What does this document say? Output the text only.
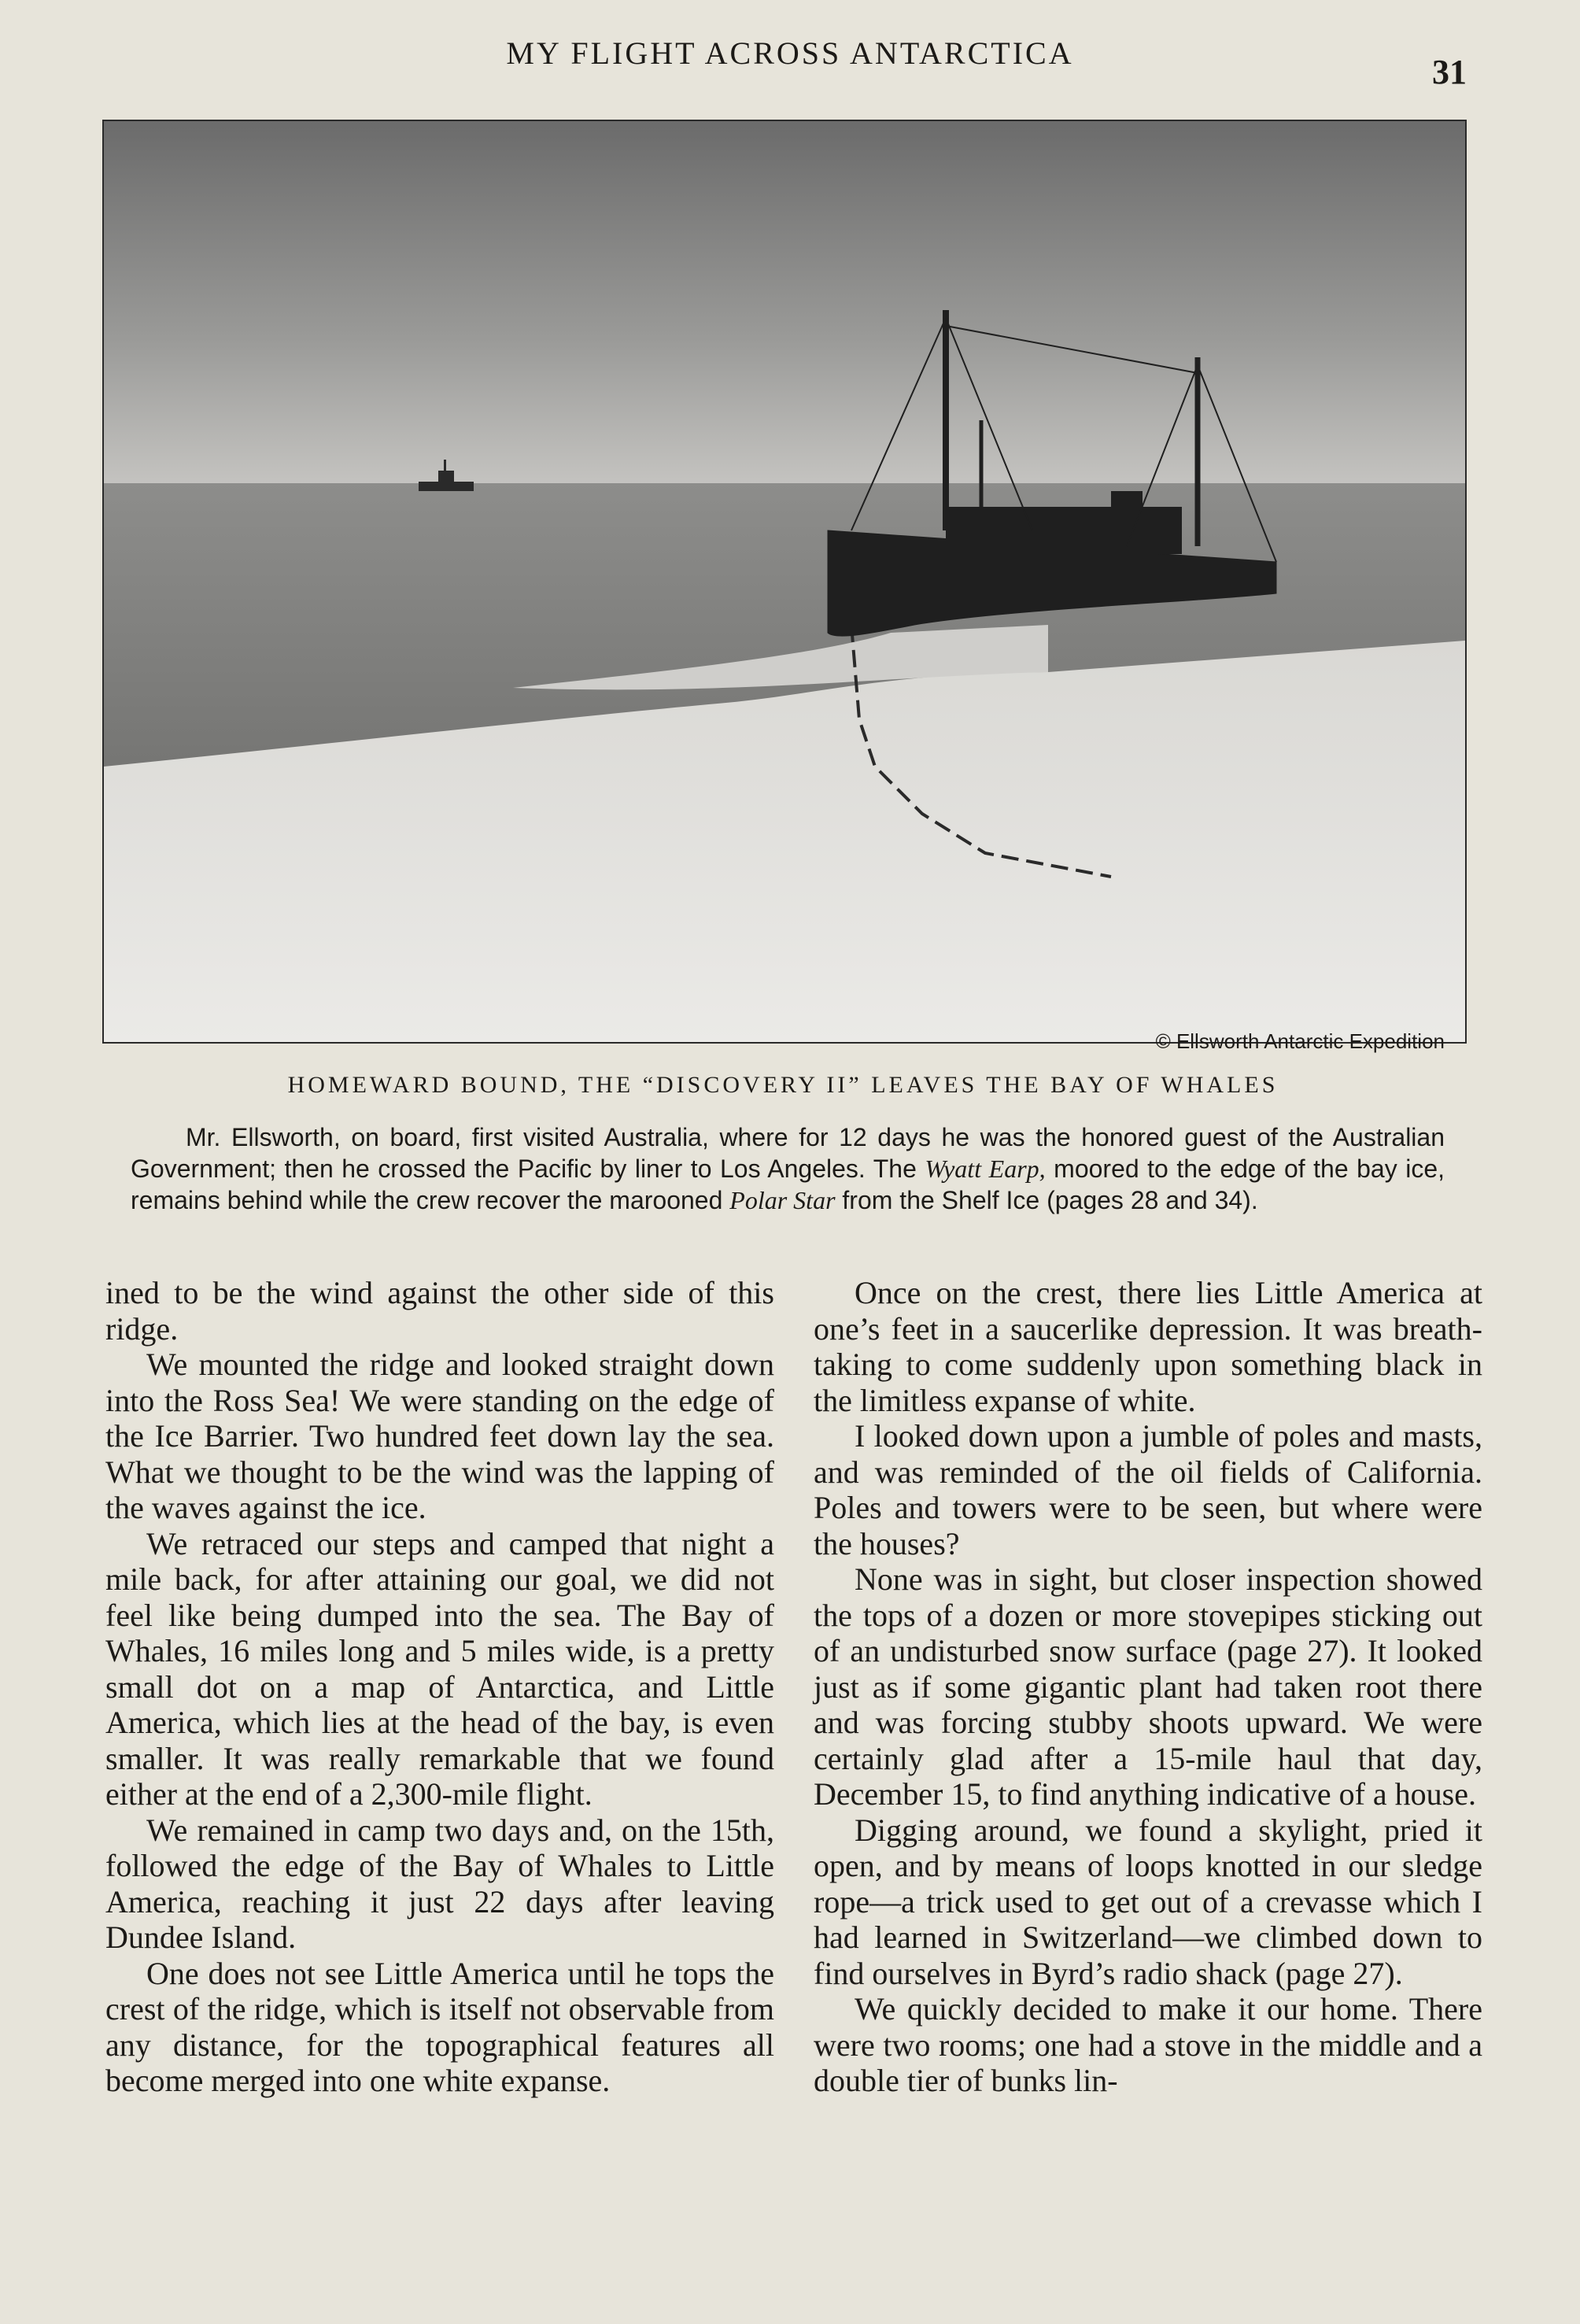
MY FLIGHT ACROSS ANTARCTICA	31
© Ellsworth Antarctic Expedition
HOMEWARD BOUND, THE “DISCOVERY II” LEAVES THE BAY OF WHALES

Mr. Ellsworth, on board, first visited Australia, where for 12 days he was the honored guest of the Australian Government; then he crossed the Pacific by liner to Los Angeles. The Wyatt Earp, moored to the edge of the bay ice, remains behind while the crew recover the marooned Polar Star from the Shelf Ice (pages 28 and 34).

ined to be the wind against the other side of this ridge.

We mounted the ridge and looked straight down into the Ross Sea! We were standing on the edge of the Ice Barrier. Two hundred feet down lay the sea. What we thought to be the wind was the lapping of the waves against the ice.

We retraced our steps and camped that night a mile back, for after attaining our goal, we did not feel like being dumped into the sea. The Bay of Whales, 16 miles long and 5 miles wide, is a pretty small dot on a map of Antarctica, and Little America, which lies at the head of the bay, is even smaller. It was really remarkable that we found either at the end of a 2,300-mile flight.

We remained in camp two days and, on the 15th, followed the edge of the Bay of Whales to Little America, reaching it just 22 days after leaving Dundee Island.

One does not see Little America until he tops the crest of the ridge, which is itself not observable from any distance, for the topographical features all become merged into one white expanse.

Once on the crest, there lies Little America at one’s feet in a saucerlike depression. It was breath-taking to come suddenly upon something black in the limitless expanse of white.

I looked down upon a jumble of poles and masts, and was reminded of the oil fields of California. Poles and towers were to be seen, but where were the houses?

None was in sight, but closer inspection showed the tops of a dozen or more stovepipes sticking out of an undisturbed snow surface (page 27). It looked just as if some gigantic plant had taken root there and was forcing stubby shoots upward. We were certainly glad after a 15-mile haul that day, December 15, to find anything indicative of a house.

Digging around, we found a skylight, pried it open, and by means of loops knotted in our sledge rope—a trick used to get out of a crevasse which I had learned in Switzerland—we climbed down to find ourselves in Byrd’s radio shack (page 27).

We quickly decided to make it our home. There were two rooms; one had a stove in the middle and a double tier of bunks lin-
